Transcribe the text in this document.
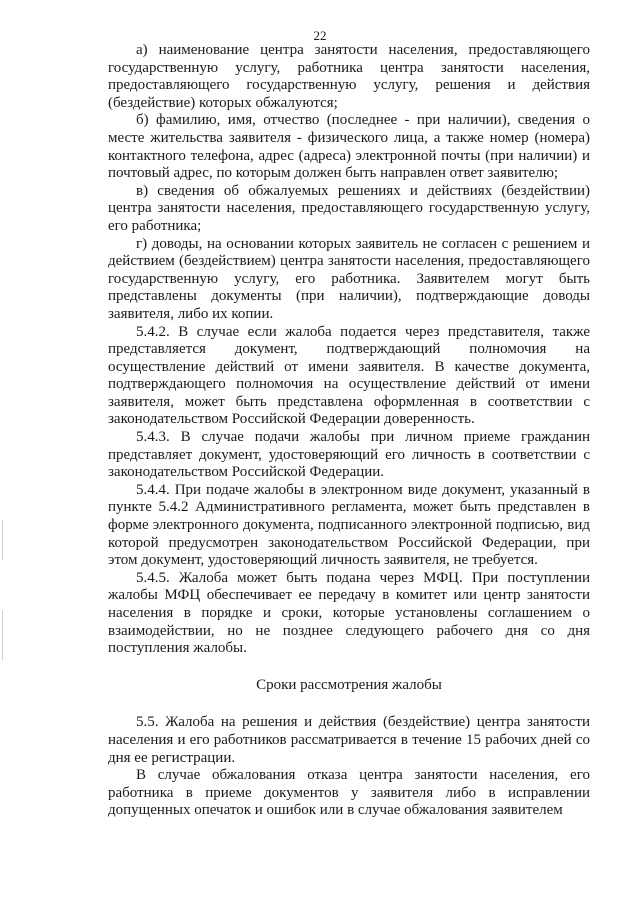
22

а) наименование центра занятости населения, предоставляющего государственную услугу, работника центра занятости населения, предоставляющего государственную услугу, решения и действия (бездействие) которых обжалуются;

б) фамилию, имя, отчество (последнее - при наличии), сведения о месте жительства заявителя - физического лица, а также номер (номера) контактного телефона, адрес (адреса) электронной почты (при наличии) и почтовый адрес, по которым должен быть направлен ответ заявителю;

в) сведения об обжалуемых решениях и действиях (бездействии) центра занятости населения, предоставляющего государственную услугу, его работника;

г) доводы, на основании которых заявитель не согласен с решением и действием (бездействием) центра занятости населения, предоставляющего государственную услугу, его работника. Заявителем могут быть представлены документы (при наличии), подтверждающие доводы заявителя, либо их копии.

5.4.2. В случае если жалоба подается через представителя, также представляется документ, подтверждающий полномочия на осуществление действий от имени заявителя. В качестве документа, подтверждающего полномочия на осуществление действий от имени заявителя, может быть представлена оформленная в соответствии с законодательством Российской Федерации доверенность.

5.4.3. В случае подачи жалобы при личном приеме гражданин представляет документ, удостоверяющий его личность в соответствии с законодательством Российской Федерации.

5.4.4. При подаче жалобы в электронном виде документ, указанный в пункте 5.4.2 Административного регламента, может быть представлен в форме электронного документа, подписанного электронной подписью, вид которой предусмотрен законодательством Российской Федерации, при этом документ, удостоверяющий личность заявителя, не требуется.

5.4.5. Жалоба может быть подана через МФЦ. При поступлении жалобы МФЦ обеспечивает ее передачу в комитет или центр занятости населения в порядке и сроки, которые установлены соглашением о взаимодействии, но не позднее следующего рабочего дня со дня поступления жалобы.

Сроки рассмотрения жалобы

5.5. Жалоба на решения и действия (бездействие) центра занятости населения и его работников рассматривается в течение 15 рабочих дней со дня ее регистрации.

В случае обжалования отказа центра занятости населения, его работника в приеме документов у заявителя либо в исправлении допущенных опечаток и ошибок или в случае обжалования заявителем
